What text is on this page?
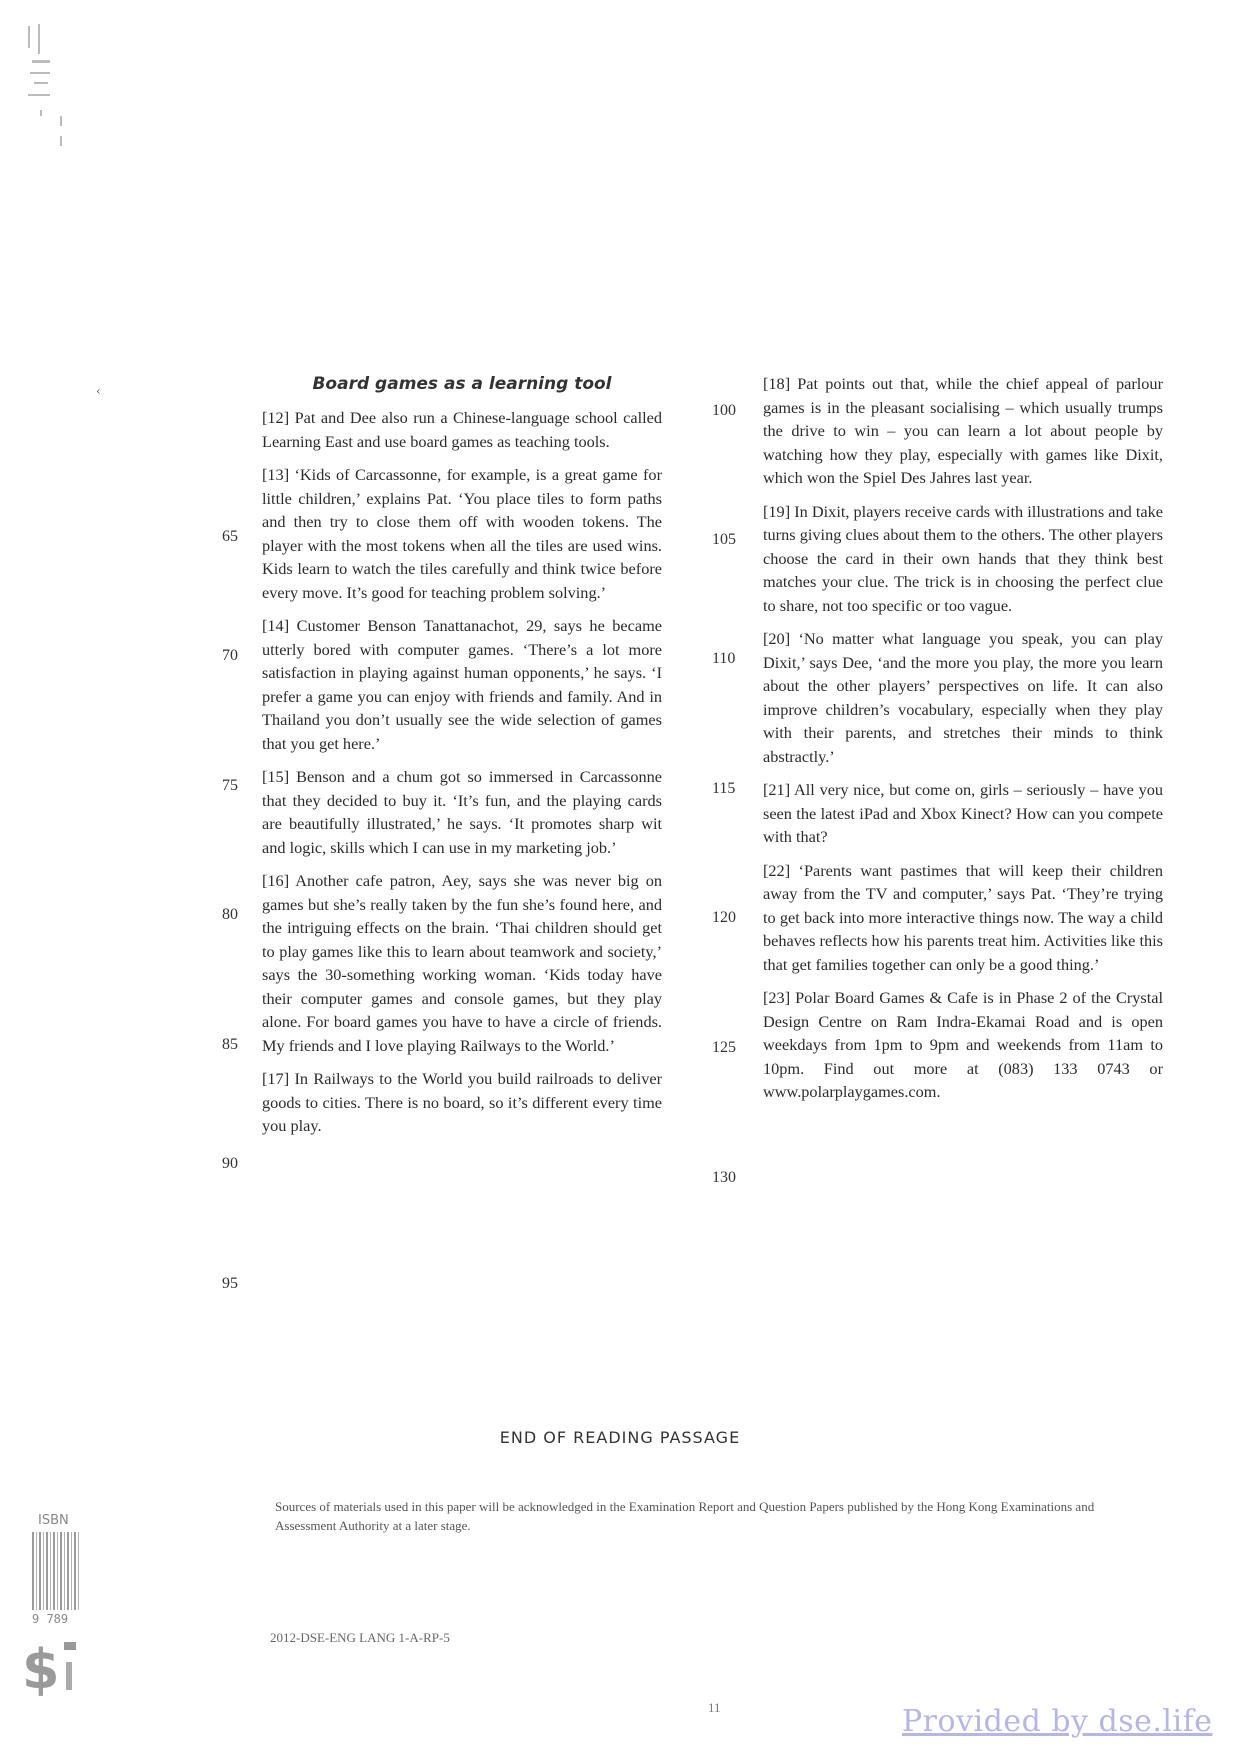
‹	Board games as a learning tool

[12] Pat and Dee also run a Chinese-language school called Learning East and use board games as teaching tools.

[13] ‘Kids of Carcassonne, for example, is a great game for little children,’ explains Pat. ‘You place tiles to form paths and then try to close them off with wooden tokens. The player with the most tokens when all the tiles are used wins. Kids learn to watch the tiles carefully and think twice before every move. It’s good for teaching problem solving.’

[14] Customer Benson Tanattanachot, 29, says he became utterly bored with computer games. ‘There’s a lot more satisfaction in playing against human opponents,’ he says. ‘I prefer a game you can enjoy with friends and family. And in Thailand you don’t usually see the wide selection of games that you get here.’

[15] Benson and a chum got so immersed in Carcassonne that they decided to buy it. ‘It’s fun, and the playing cards are beautifully illustrated,’ he says. ‘It promotes sharp wit and logic, skills which I can use in my marketing job.’

[16] Another cafe patron, Aey, says she was never big on games but she’s really taken by the fun she’s found here, and the intriguing effects on the brain. ‘Thai children should get to play games like this to learn about teamwork and society,’ says the 30-something working woman. ‘Kids today have their computer games and console games, but they play alone. For board games you have to have a circle of friends. My friends and I love playing Railways to the World.’

[17] In Railways to the World you build railroads to deliver goods to cities. There is no board, so it’s different every time you play.

[18] Pat points out that, while the chief appeal of parlour games is in the pleasant socialising – which usually trumps the drive to win – you can learn a lot about people by watching how they play, especially with games like Dixit, which won the Spiel Des Jahres last year.

[19] In Dixit, players receive cards with illustrations and take turns giving clues about them to the others. The other players choose the card in their own hands that they think best matches your clue. The trick is in choosing the perfect clue to share, not too specific or too vague.

[20] ‘No matter what language you speak, you can play Dixit,’ says Dee, ‘and the more you play, the more you learn about the other players’ perspectives on life. It can also improve children’s vocabulary, especially when they play with their parents, and stretches their minds to think abstractly.’

[21] All very nice, but come on, girls – seriously – have you seen the latest iPad and Xbox Kinect? How can you compete with that?

[22] ‘Parents want pastimes that will keep their children away from the TV and computer,’ says Pat. ‘They’re trying to get back into more interactive things now. The way a child behaves reflects how his parents treat him. Activities like this that get families together can only be a good thing.’

[23] Polar Board Games & Cafe is in Phase 2 of the Crystal Design Centre on Ram Indra-Ekamai Road and is open weekdays from 1pm to 9pm and weekends from 11am to 10pm. Find out more at (083) 133 0743 or www.polarplaygames.com.

65
70
75
80
85
90
95
100
105
110
115
120
125
130
END OF READING PASSAGE
Sources of materials used in this paper will be acknowledged in the Examination Report and Question Papers published by the Hong Kong Examinations and Assessment Authority at a later stage.
2012-DSE-ENG LANG 1-A-RP-5
11
ISBN
9 789
$
Provided by dse.life
